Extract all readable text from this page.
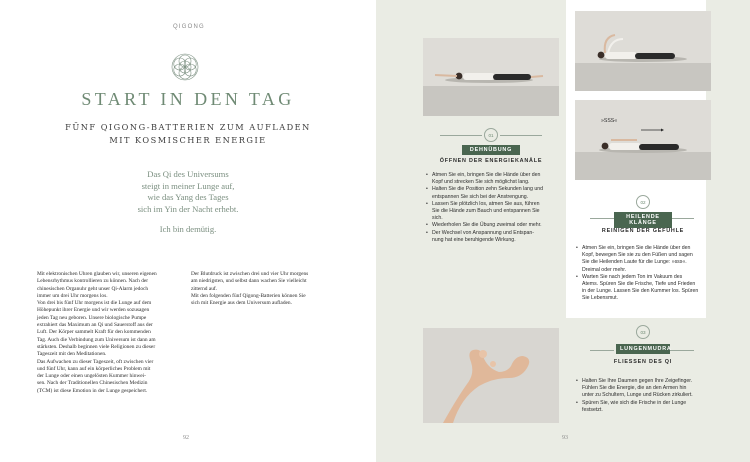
QIGONG
START IN DEN TAG
FÜNF QIGONG-BATTERIEN ZUM AUFLADEN
MIT KOSMISCHER ENERGIE
Das Qi des Universums
steigt in meiner Lunge auf,
wie das Yang des Tages
sich im Yin der Nacht erhebt.
Ich bin demütig.
Mit elektronischen Uhren glauben wir, unseren eigenen
Lebensrhythmus kontrollieren zu können. Nach der
chinesischen Organuhr geht unser Qi-Alarm jedoch
immer um drei Uhr morgens los.
Von drei bis fünf Uhr morgens ist die Lunge auf dem
Höhepunkt ihrer Energie und wir werden sozusagen
jeden Tag neu geboren. Unsere biologische Pumpe
extrahiert das Maximum an Qi und Sauerstoff aus der
Luft. Der Körper sammelt Kraft für den kommenden
Tag. Auch die Verbindung zum Universum ist dann am
stärksten. Deshalb beginnen viele Religionen zu dieser
Tageszeit mit den Meditationen.
Das Aufwachen zu dieser Tageszeit, oft zwischen vier
und fünf Uhr, kann auf ein körperliches Problem mit
der Lunge oder einen ungelösten Kummer hinwei-
sen. Nach der Traditionellen Chinesischen Medizin
(TCM) ist diese Emotion in der Lunge gespeichert.
Der Blutdruck ist zwischen drei und vier Uhr morgens
am niedrigsten, und selbst dann wachen Sie vielleicht
zitternd auf.
Mit den folgenden fünf Qigong-Batterien können Sie
sich mit Energie aus dem Universum aufladen.
92
»SSS«
01
DEHNÜBUNG
ÖFFNEN DER ENERGIEKANÄLE
• Atmen Sie ein, bringen Sie die Hände über den
Kopf und strecken Sie sich möglichst lang.
• Halten Sie die Position zehn Sekunden lang und
entspannen Sie sich bei der Anstrengung.
• Lassen Sie plötzlich los, atmen Sie aus, führen
Sie die Hände zum Bauch und entspannen Sie
sich.
• Wiederholen Sie die Übung zweimal oder mehr.
• Der Wechsel von Anspannung und Entspan-
nung hat eine beruhigende Wirkung.
02
HEILENDE KLÄNGE
REINIGEN DER GEFÜHLE
• Atmen Sie ein, bringen Sie die Hände über den
Kopf, bewegen Sie sie zu den Füßen und sagen
Sie die Heilenden Laute für die Lunge: »sss«.
Dreimal oder mehr.
• Warten Sie nach jedem Ton im Vakuum des
Atems. Spüren Sie die Frische, Tiefe und Frieden
in der Lunge. Lassen Sie den Kummer los. Spüren
Sie Lebensmut.
03
LUNGENMUDRA
FLIESSEN DES QI
• Halten Sie Ihre Daumen gegen Ihre Zeigefinger.
Fühlen Sie die Energie, die an den Armen hin
unter zu Schultern, Lunge und Rücken zirkuliert.
• Spüren Sie, wie sich die Frische in der Lunge
festsetzt.
93
